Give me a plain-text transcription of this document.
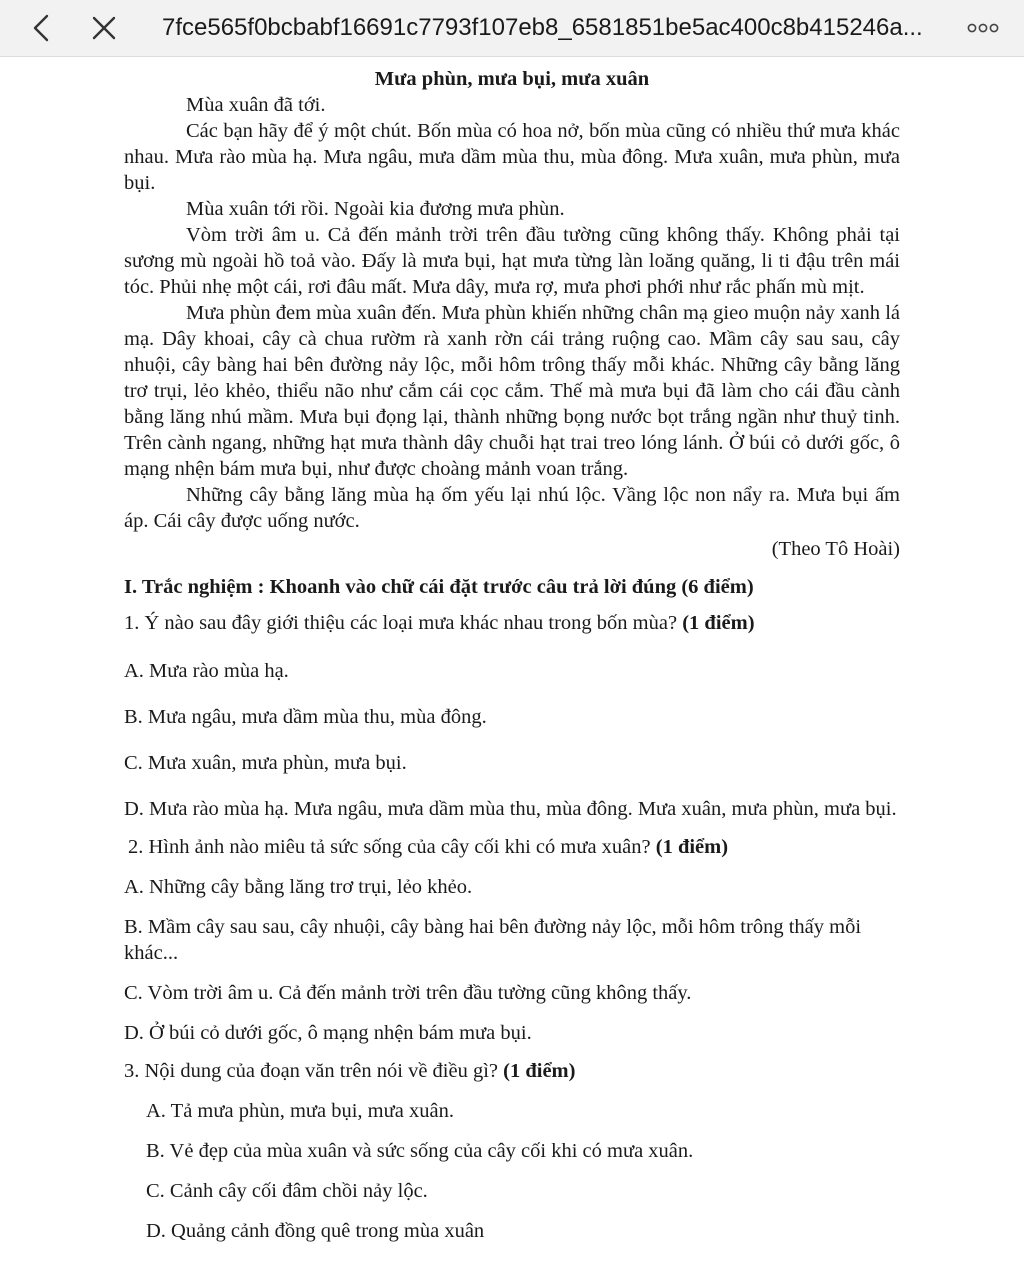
7fce565f0bcbabf16691c7793f107eb8_6581851be5ac400c8b415246a...

Mưa phùn, mưa bụi, mưa xuân

Mùa xuân đã tới.

Các bạn hãy để ý một chút. Bốn mùa có hoa nở, bốn mùa cũng có nhiều thứ mưa khác nhau. Mưa rào mùa hạ. Mưa ngâu, mưa dầm mùa thu, mùa đông. Mưa xuân, mưa phùn, mưa bụi.

Mùa xuân tới rồi. Ngoài kia đương mưa phùn.

Vòm trời âm u. Cả đến mảnh trời trên đầu tường cũng không thấy. Không phải tại sương mù ngoài hồ toả vào. Đấy là mưa bụi, hạt mưa từng làn loăng quăng, li ti đậu trên mái tóc. Phủi nhẹ một cái, rơi đâu mất. Mưa dây, mưa rợ, mưa phơi phới như rắc phấn mù mịt.

Mưa phùn đem mùa xuân đến. Mưa phùn khiến những chân mạ gieo muộn nảy xanh lá mạ. Dây khoai, cây cà chua rườm rà xanh rờn cái trảng ruộng cao. Mầm cây sau sau, cây nhuội, cây bàng hai bên đường nảy lộc, mỗi hôm trông thấy mỗi khác. Những cây bằng lăng trơ trụi, lẻo khẻo, thiểu não như cắm cái cọc cắm. Thế mà mưa bụi đã làm cho cái đầu cành bằng lăng nhú mầm. Mưa bụi đọng lại, thành những bọng nước bọt trắng ngần như thuỷ tinh. Trên cành ngang, những hạt mưa thành dây chuỗi hạt trai treo lóng lánh. Ở búi cỏ dưới gốc, ô mạng nhện bám mưa bụi, như được choàng mảnh voan trắng.

Những cây bằng lăng mùa hạ ốm yếu lại nhú lộc. Vầng lộc non nẩy ra. Mưa bụi ấm áp. Cái cây được uống nước.

(Theo Tô Hoài)

I. Trắc nghiệm : Khoanh vào chữ cái đặt trước câu trả lời đúng (6 điểm)

1. Ý nào sau đây giới thiệu các loại mưa khác nhau trong bốn mùa? (1 điểm)

A. Mưa rào mùa hạ.

B. Mưa ngâu, mưa dầm mùa thu, mùa đông.

C. Mưa xuân, mưa phùn, mưa bụi.

D. Mưa rào mùa hạ. Mưa ngâu, mưa dầm mùa thu, mùa đông. Mưa xuân, mưa phùn, mưa bụi.

2. Hình ảnh nào miêu tả sức sống của cây cối khi có mưa xuân? (1 điểm)

A. Những cây bằng lăng trơ trụi, lẻo khẻo.

B. Mầm cây sau sau, cây nhuội, cây bàng hai bên đường nảy lộc, mỗi hôm trông thấy mỗi khác...

C. Vòm trời âm u. Cả đến mảnh trời trên đầu tường cũng không thấy.

D. Ở búi cỏ dưới gốc, ô mạng nhện bám mưa bụi.

3. Nội dung của đoạn văn trên nói về điều gì? (1 điểm)

A. Tả mưa phùn, mưa bụi, mưa xuân.

B. Vẻ đẹp của mùa xuân và sức sống của cây cối khi có mưa xuân.

C. Cảnh cây cối đâm chồi nảy lộc.

D. Quảng cảnh đồng quê trong mùa xuân
